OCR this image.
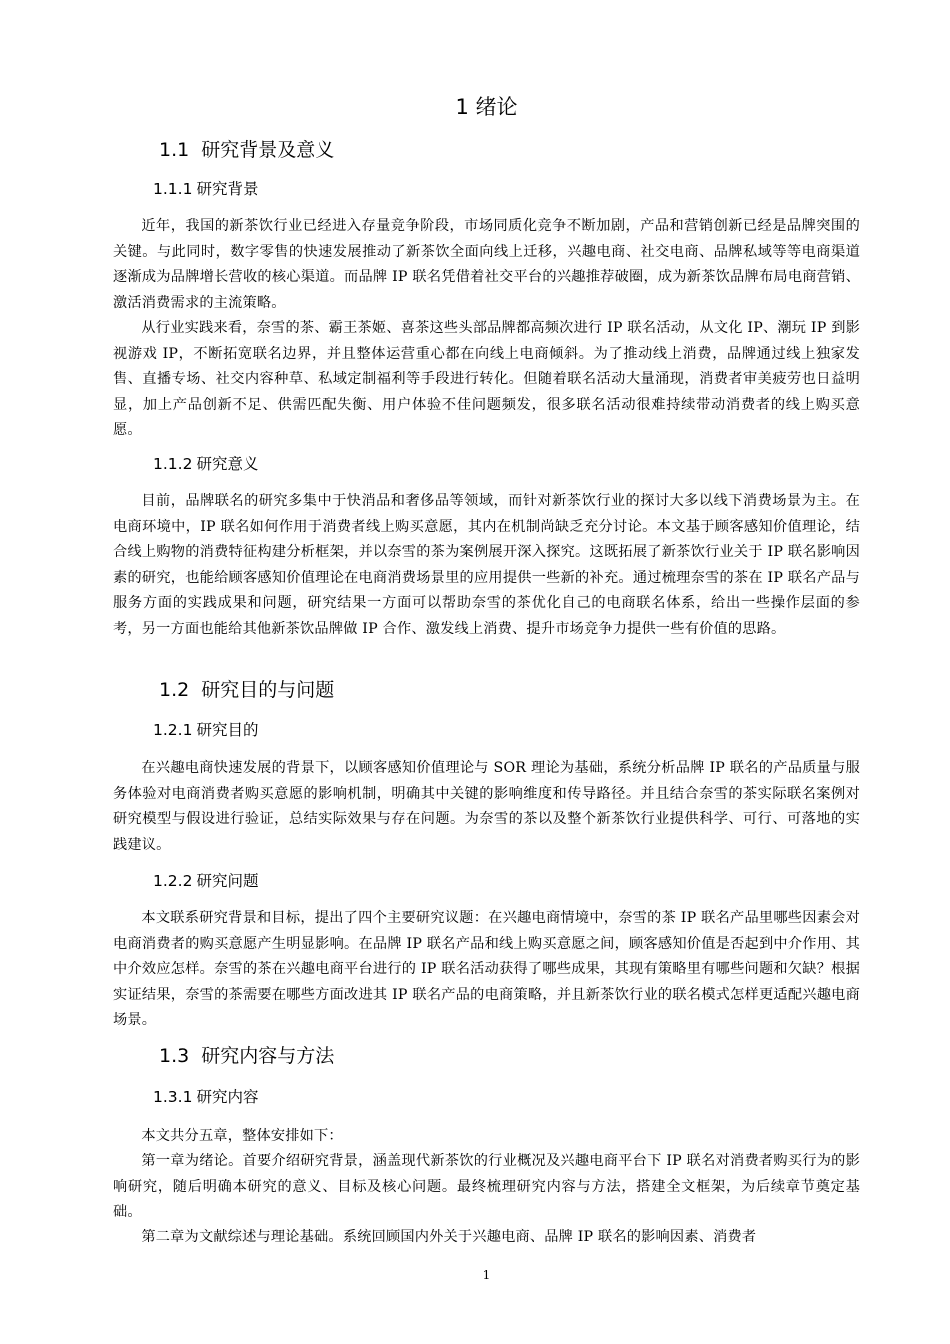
1 绪论
1.1 研究背景及意义
1.1.1 研究背景

近年，我国的新茶饮行业已经进入存量竞争阶段，市场同质化竞争不断加剧，产品和营销创新已经是品牌突围的关键。与此同时，数字零售的快速发展推动了新茶饮全面向线上迁移，兴趣电商、社交电商、品牌私域等等电商渠道逐渐成为品牌增长营收的核心渠道。而品牌 IP 联名凭借着社交平台的兴趣推荐破圈，成为新茶饮品牌布局电商营销、激活消费需求的主流策略。

从行业实践来看，奈雪的茶、霸王茶姬、喜茶这些头部品牌都高频次进行 IP 联名活动，从文化 IP、潮玩 IP 到影视游戏 IP，不断拓宽联名边界，并且整体运营重心都在向线上电商倾斜。为了推动线上消费，品牌通过线上独家发售、直播专场、社交内容种草、私域定制福利等手段进行转化。但随着联名活动大量涌现，消费者审美疲劳也日益明显，加上产品创新不足、供需匹配失衡、用户体验不佳问题频发，很多联名活动很难持续带动消费者的线上购买意愿。

1.1.2 研究意义

目前，品牌联名的研究多集中于快消品和奢侈品等领域，而针对新茶饮行业的探讨大多以线下消费场景为主。在电商环境中，IP 联名如何作用于消费者线上购买意愿，其内在机制尚缺乏充分讨论。本文基于顾客感知价值理论，结合线上购物的消费特征构建分析框架，并以奈雪的茶为案例展开深入探究。这既拓展了新茶饮行业关于 IP 联名影响因素的研究，也能给顾客感知价值理论在电商消费场景里的应用提供一些新的补充。通过梳理奈雪的茶在 IP 联名产品与服务方面的实践成果和问题，研究结果一方面可以帮助奈雪的茶优化自己的电商联名体系，给出一些操作层面的参考，另一方面也能给其他新茶饮品牌做 IP 合作、激发线上消费、提升市场竞争力提供一些有价值的思路。

1.2 研究目的与问题
1.2.1 研究目的

在兴趣电商快速发展的背景下，以顾客感知价值理论与 SOR 理论为基础，系统分析品牌 IP 联名的产品质量与服务体验对电商消费者购买意愿的影响机制，明确其中关键的影响维度和传导路径。并且结合奈雪的茶实际联名案例对研究模型与假设进行验证，总结实际效果与存在问题。为奈雪的茶以及整个新茶饮行业提供科学、可行、可落地的实践建议。

1.2.2 研究问题

本文联系研究背景和目标，提出了四个主要研究议题：在兴趣电商情境中，奈雪的茶 IP 联名产品里哪些因素会对电商消费者的购买意愿产生明显影响。在品牌 IP 联名产品和线上购买意愿之间，顾客感知价值是否起到中介作用、其中介效应怎样。奈雪的茶在兴趣电商平台进行的 IP 联名活动获得了哪些成果，其现有策略里有哪些问题和欠缺？根据实证结果，奈雪的茶需要在哪些方面改进其 IP 联名产品的电商策略，并且新茶饮行业的联名模式怎样更适配兴趣电商场景。

1.3 研究内容与方法
1.3.1 研究内容

本文共分五章，整体安排如下：

第一章为绪论。首要介绍研究背景，涵盖现代新茶饮的行业概况及兴趣电商平台下 IP 联名对消费者购买行为的影响研究，随后明确本研究的意义、目标及核心问题。最终梳理研究内容与方法，搭建全文框架，为后续章节奠定基础。

第二章为文献综述与理论基础。系统回顾国内外关于兴趣电商、品牌 IP 联名的影响因素、消费者

1
